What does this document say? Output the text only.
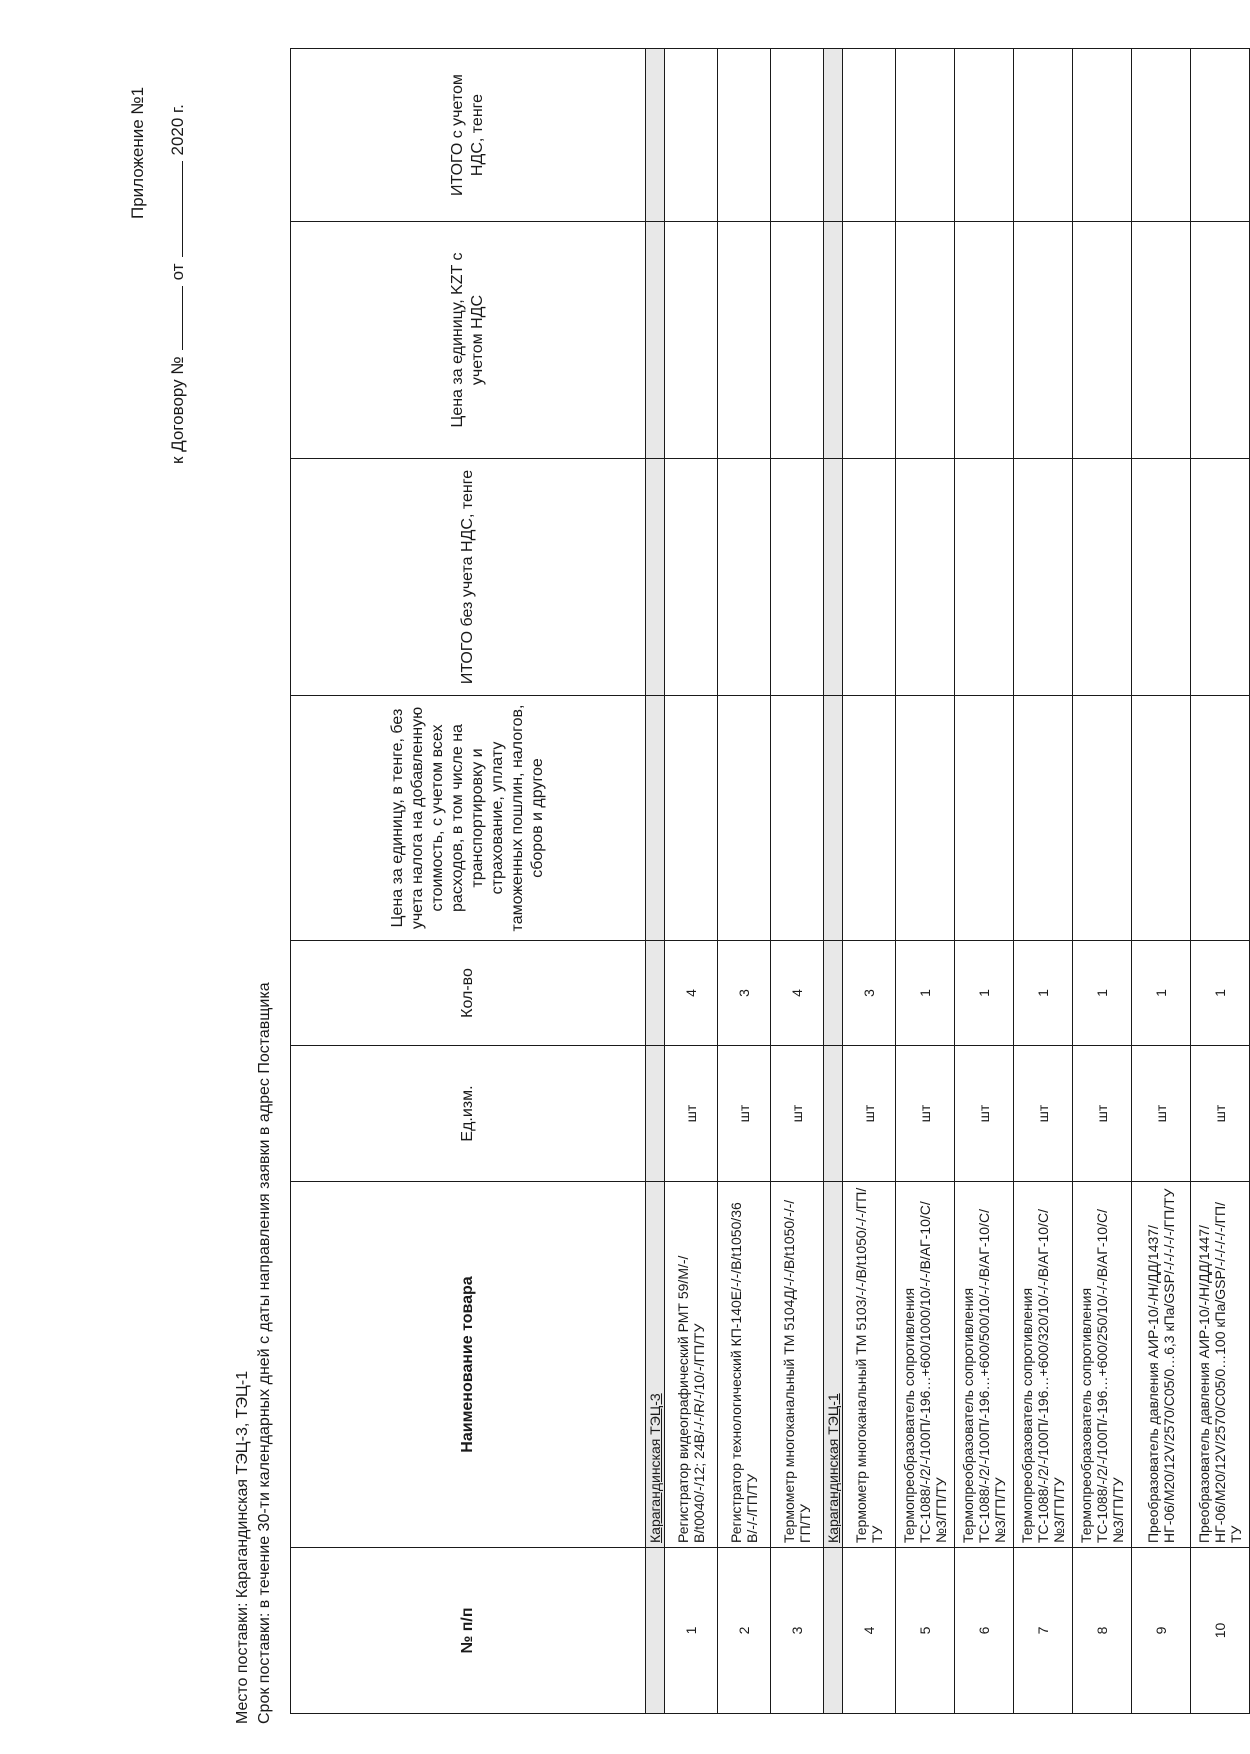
Приложение №1
к Договору №от2020 г.
Место поставки: Карагандинская ТЭЦ-3, ТЭЦ-1 Срок поставки: в течение 30-ти календарных дней с даты направления заявки в адрес Поставщика	№ п/п	Наименование товара	Ед.изм.	Кол-во	Цена за единицу, в тенге, без учета налога на добавленную стоимость, с учетом всех расходов, в том числе на транспортировку и страхование, уплату таможенных пошлин, налогов, сборов и другое	ИТОГО без учета НДС, тенге	Цена за единицу, KZT с учетом НДС	ИТОГО с учетом НДС, тенге
	Карагандинская ТЭЦ-3						
1	Регистратор видеографический РМТ 59/М/-/В/t0040/-/12; 24В/-/-/R/-/10/-/ГП/ТУ	шт	4				
2	Регистратор технологический КП-140Е/-/-/В/t1050/36 В/-/-/ГП/ТУ	шт	3				
3	Термометр многоканальный ТМ 5104Д/-/-/В/t1050/-/-/ГП/ТУ	шт	4				
	Карагандинская ТЭЦ-1						
4	Термометр многоканальный ТМ 5103/-/-/В/t1050/-/-/ГП/ТУ	шт	3				
5	Термопреобразователь сопротивления ТС-1088/-/2/-/100П/-196…+600/1000/10/-/-/В/АГ-10/С/№3/ГП/ТУ	шт	1				
6	Термопреобразователь сопротивления ТС-1088/-/2/-/100П/-196…+600/500/10/-/-/В/АГ-10/С/№3/ГП/ТУ	шт	1				
7	Термопреобразователь сопротивления ТС-1088/-/2/-/100П/-196…+600/320/10/-/-/В/АГ-10/С/№3/ГП/ТУ	шт	1				
8	Термопреобразователь сопротивления ТС-1088/-/2/-/100П/-196…+600/250/10/-/-/В/АГ-10/С/№3/ГП/ТУ	шт	1				
9	Преобразователь давления АИР-10/-/Н/ДД/1437/НГ-06/М20/12V/2570/С05/0…6,3 кПа/GSP/-/-/-/-/-/ГП/ТУ	шт	1				
10	Преобразователь давления АИР-10/-/Н/ДД/1447/НГ-06/М20/12V/2570/С05/0…100 кПа/GSP/-/-/-/-/-/ГП/ТУ	шт	1				
